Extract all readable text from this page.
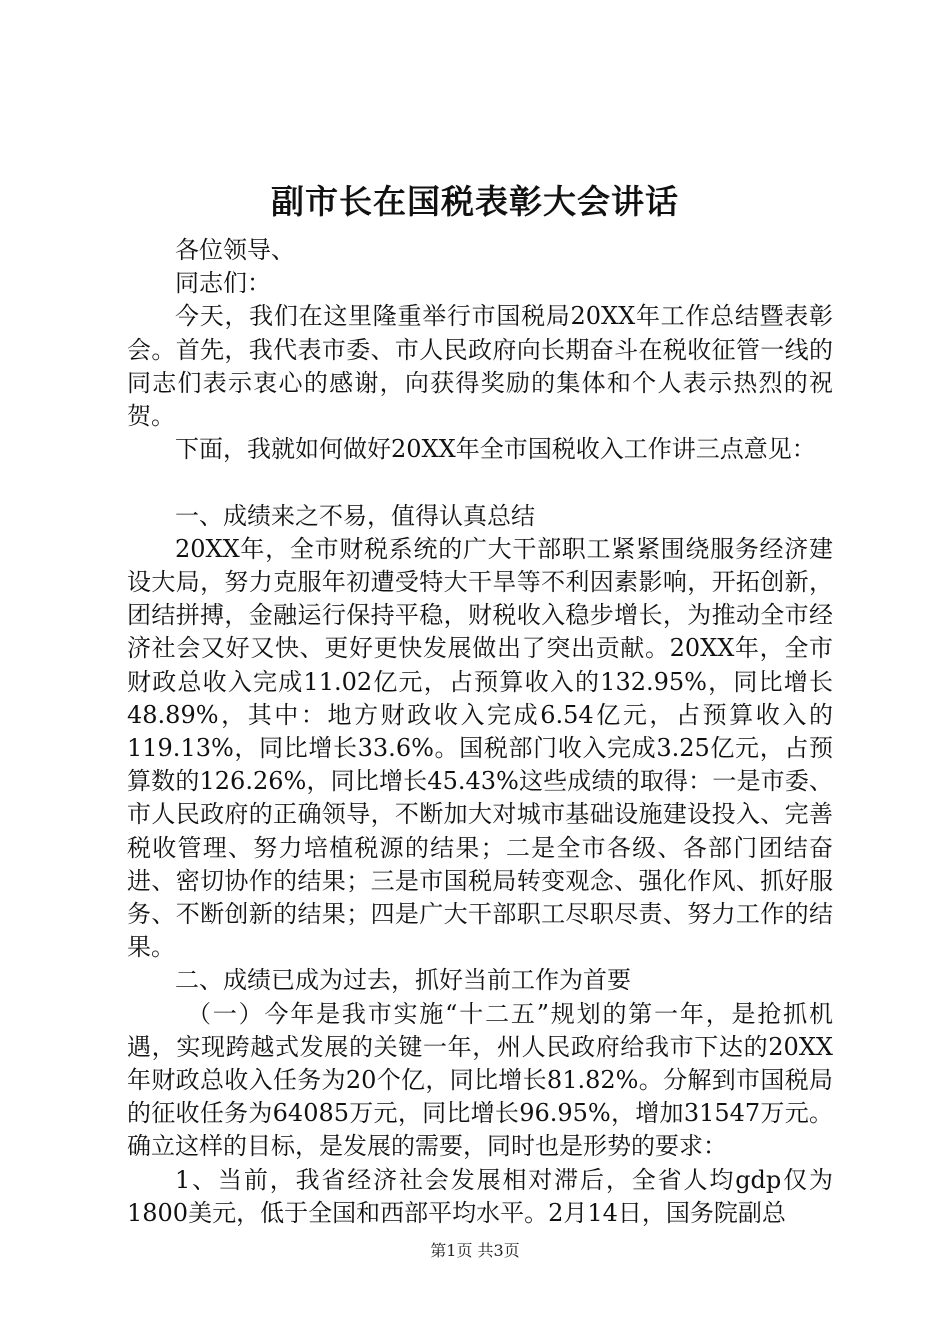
副市长在国税表彰大会讲话

各位领导、

同志们：

今天，我们在这里隆重举行市国税局20XX年工作总结暨表彰会。首先，我代表市委、市人民政府向长期奋斗在税收征管一线的同志们表示衷心的感谢，向获得奖励的集体和个人表示热烈的祝贺。

下面，我就如何做好20XX年全市国税收入工作讲三点意见：

一、成绩来之不易，值得认真总结

20XX年，全市财税系统的广大干部职工紧紧围绕服务经济建设大局，努力克服年初遭受特大干旱等不利因素影响，开拓创新，团结拼搏，金融运行保持平稳，财税收入稳步增长，为推动全市经济社会又好又快、更好更快发展做出了突出贡献。20XX年，全市财政总收入完成11.02亿元，占预算收入的132.95%，同比增长48.89%，其中：地方财政收入完成6.54亿元，占预算收入的119.13%，同比增长33.6%。国税部门收入完成3.25亿元，占预算数的126.26%，同比增长45.43%这些成绩的取得：一是市委、市人民政府的正确领导，不断加大对城市基础设施建设投入、完善税收管理、努力培植税源的结果；二是全市各级、各部门团结奋进、密切协作的结果；三是市国税局转变观念、强化作风、抓好服务、不断创新的结果；四是广大干部职工尽职尽责、努力工作的结果。

二、成绩已成为过去，抓好当前工作为首要

（一）今年是我市实施“十二五”规划的第一年，是抢抓机遇，实现跨越式发展的关键一年，州人民政府给我市下达的20XX年财政总收入任务为20个亿，同比增长81.82%。分解到市国税局的征收任务为64085万元，同比增长96.95%，增加31547万元。确立这样的目标，是发展的需要，同时也是形势的要求：

1、当前，我省经济社会发展相对滞后，全省人均gdp仅为1800美元，低于全国和西部平均水平。2月14日，国务院副总

第1页 共3页
